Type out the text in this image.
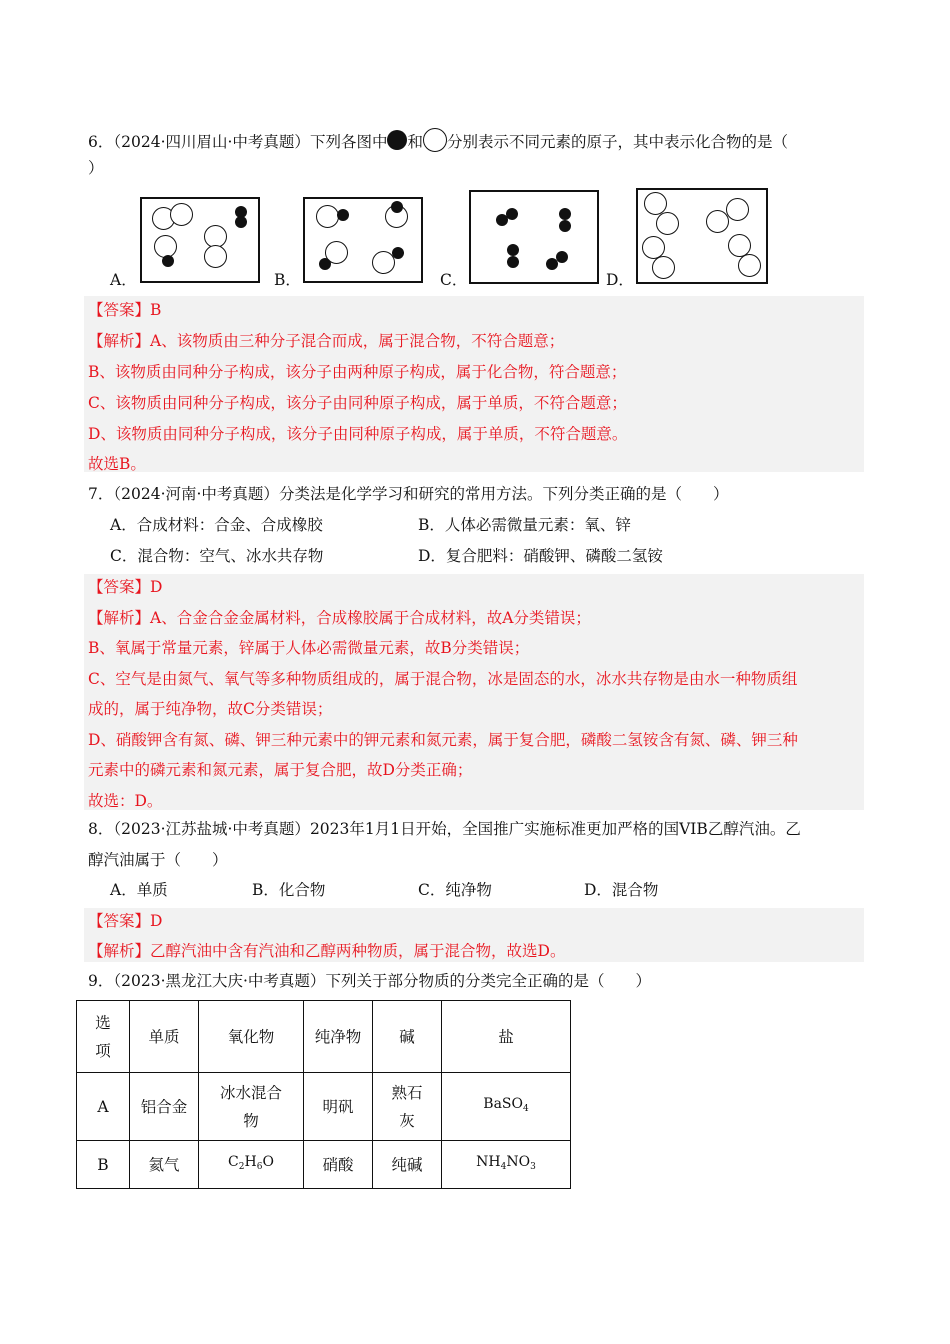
6．（2024·四川眉山·中考真题）下列各图中 和 分别表示不同元素的原子，其中表示化合物的是（
）
A．	B．	C．	D．
【答案】B
【解析】A、该物质由三种分子混合而成，属于混合物，不符合题意；
B、该物质由同种分子构成，该分子由两种原子构成，属于化合物，符合题意；
C、该物质由同种分子构成，该分子由同种原子构成，属于单质，不符合题意；
D、该物质由同种分子构成，该分子由同种原子构成，属于单质，不符合题意。
故选B。
7．（2024·河南·中考真题）分类法是化学学习和研究的常用方法。下列分类正确的是（　　）
A．合成材料：合金、合成橡胶	B．人体必需微量元素：氧、锌
C．混合物：空气、冰水共存物	D．复合肥料：硝酸钾、磷酸二氢铵
【答案】D
【解析】A、合金合金金属材料，合成橡胶属于合成材料，故A分类错误；
B、氧属于常量元素，锌属于人体必需微量元素，故B分类错误；
C、空气是由氮气、氧气等多种物质组成的，属于混合物，冰是固态的水，冰水共存物是由水一种物质组
成的，属于纯净物，故C分类错误；
D、硝酸钾含有氮、磷、钾三种元素中的钾元素和氮元素，属于复合肥，磷酸二氢铵含有氮、磷、钾三种
元素中的磷元素和氮元素，属于复合肥，故D分类正确；
故选：D。
8．（2023·江苏盐城·中考真题）2023年1月1日开始，全国推广实施标准更加严格的国VIB乙醇汽油。乙
醇汽油属于（　　）
A．单质	B．化合物	C．纯净物	D．混合物
【答案】D
【解析】乙醇汽油中含有汽油和乙醇两种物质，属于混合物，故选D。
9．（2023·黑龙江大庆·中考真题）下列关于部分物质的分类完全正确的是（　　）
选
项	单质	氧化物	纯净物	碱	盐
A	铝合金	冰水混合
物	明矾	熟石
灰	BaSO$_4$
B	氦气	$C_2H_6O$	硝酸	纯碱	$NH_4NO_3$
